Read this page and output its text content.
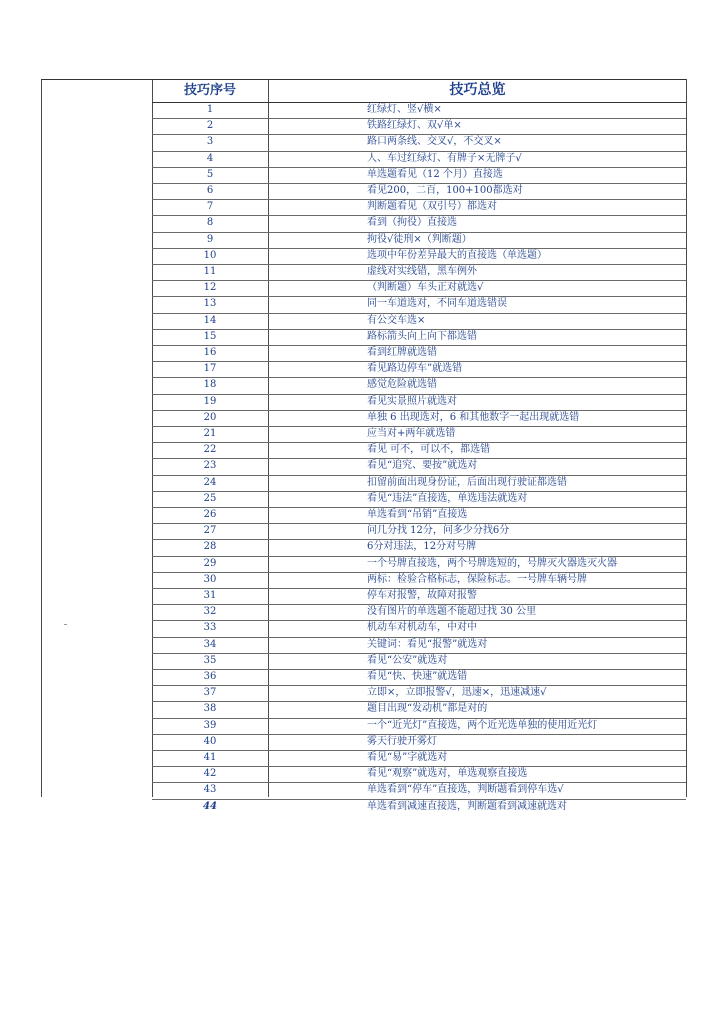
技巧序号	技巧总览
1	红绿灯、竖√横×
2	铁路红绿灯、双√单×
3	路口两条线、交叉√，不交叉×
4	人、车过红绿灯、有牌子×无牌子√
5	单选题看见（12 个月）直接选
6	看见200，二百，100+100都选对
7	判断题看见（双引号）都选对
8	看到（拘役）直接选
9	拘役√徒刑×（判断题）
10	选项中年份差异最大的直接选（单选题）
11	虚线对实线错，黑车例外
12	（判断题）车头正对就选√
13	同一车道选对，不同车道选错误
14	有公交车选×
15	路标箭头向上向下都选错
16	看到红牌就选错
17	看见路边停车”就选错
18	感觉危险就选错
19	看见实景照片就选对
20	单独 6 出现选对，6 和其他数字一起出现就选错
21	应当对+两年就选错
22	看见 可不，可以不，都选错
23	看见“追究、要按”就选对
24	扣留前面出现身份证，后面出现行驶证都选错
25	看见“违法”直接选，单选违法就选对
26	单选看到“吊销”直接选
27	问几分找 12分，问多少分找6分
28	6分对违法，12分对号牌
29	一个号牌直接选，两个号牌选短的，号牌灭火器选灭火器
30	两标：检验合格标志，保险标志。一号牌车辆号牌
31	停车对报警，故障对报警
32	没有图片的单选题不能超过找 30 公里
33	机动车对机动车，中对中
34	关键词：看见“报警”就选对
35	看见“公安”就选对
36	看见“快、快速”就选错
37	立即×，立即报警√，迅速×，迅速减速√
38	题目出现“发动机”都是对的
39	一个“近光灯”直接选，两个近光选单独的使用近光灯
40	雾天行驶开雾灯
41	看见“易”字就选对
42	看见“观察”就选对，单选观察直接选
43	单选看到“停车”直接选，判断题看到停车选√
44	单选看到减速直接选，判断题看到减速就选对
